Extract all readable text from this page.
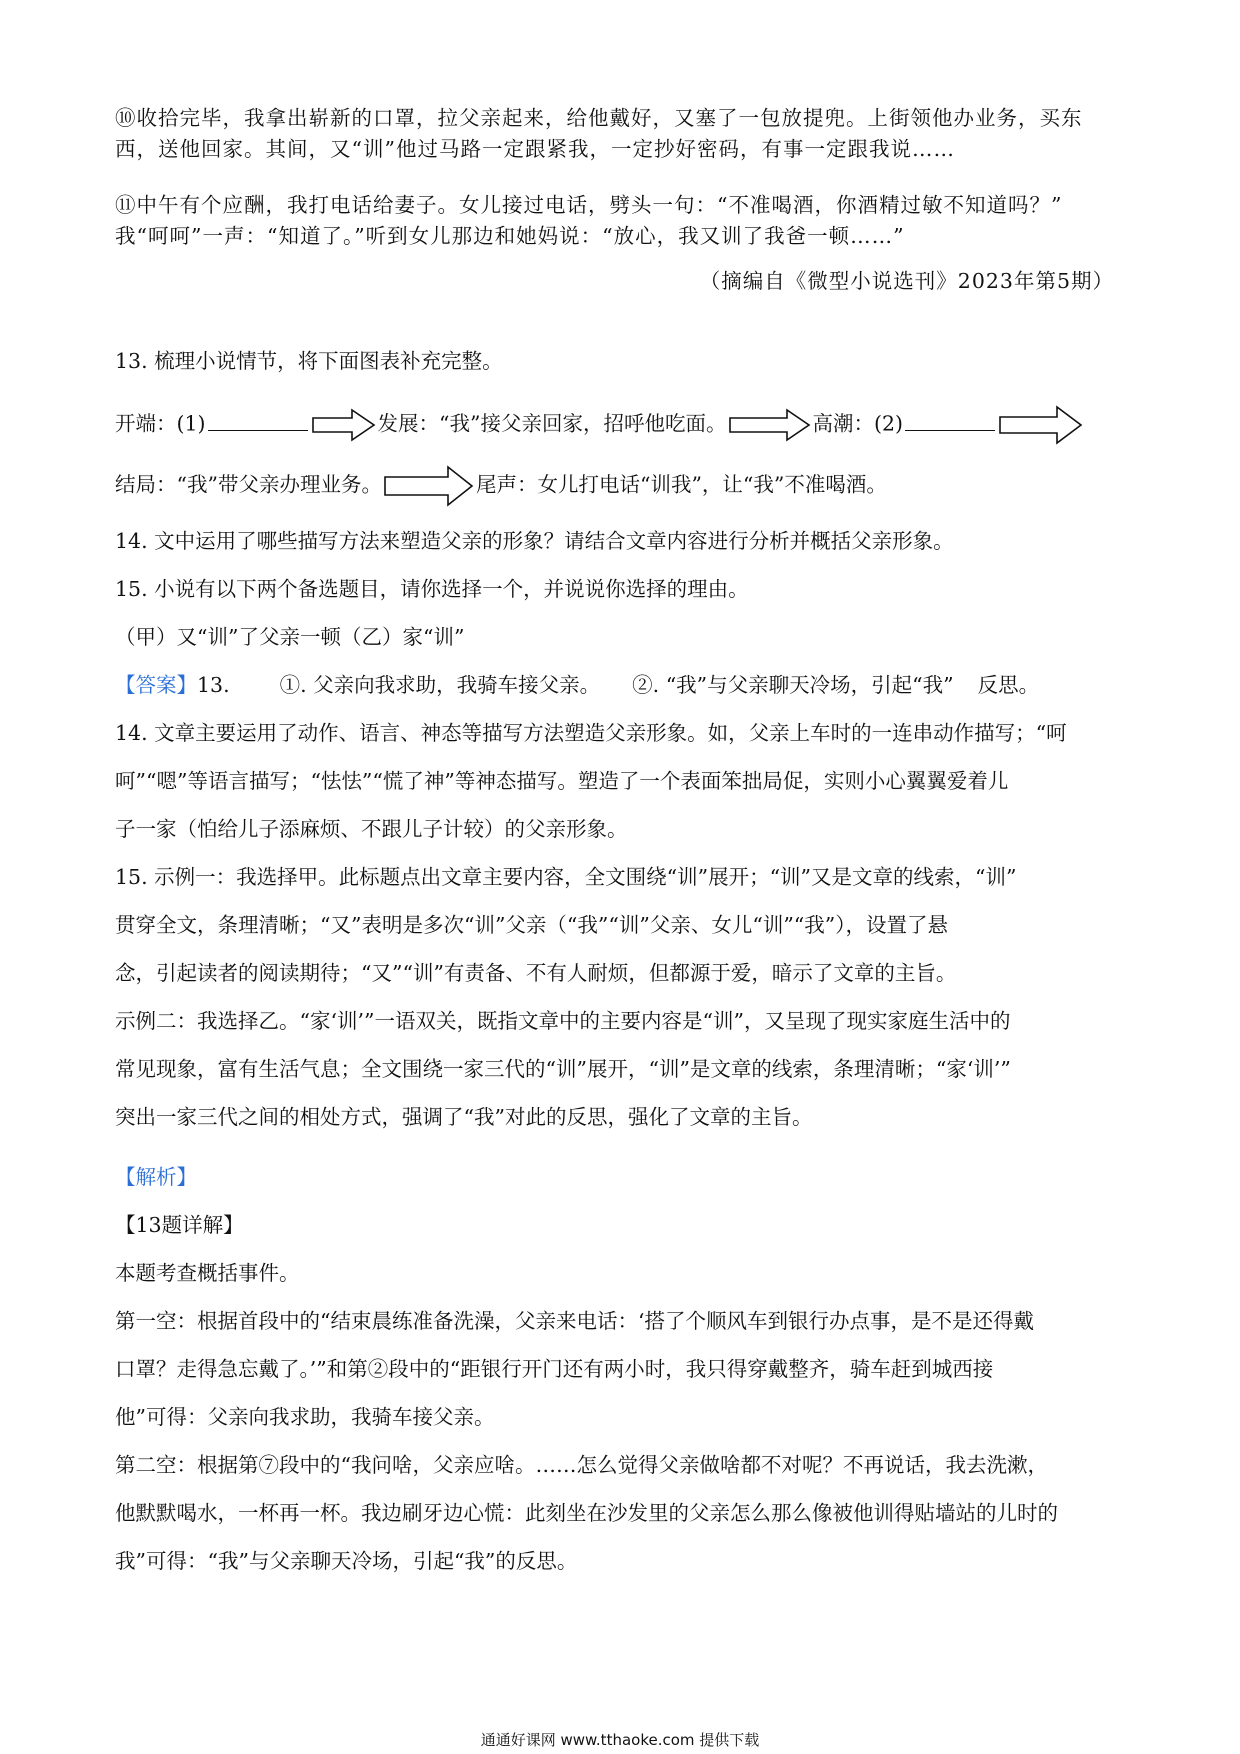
⑩收拾完毕，我拿出崭新的口罩，拉父亲起来，给他戴好，又塞了一包放提兜。上街领他办业务，买东
西，送他回家。其间，又“训”他过马路一定跟紧我，一定抄好密码，有事一定跟我说……
⑪中午有个应酬，我打电话给妻子。女儿接过电话，劈头一句：“不准喝酒，你酒精过敏不知道吗？”
我“呵呵”一声：“知道了。”听到女儿那边和她妈说：“放心，我又训了我爸一顿……”
（摘编自《微型小说选刊》2023年第5期）
13. 梳理小说情节，将下面图表补充完整。
开端：(1)	发展：“我”接父亲回家，招呼他吃面。	高潮：(2)
结局：“我”带父亲办理业务。	尾声：女儿打电话“训我”，让“我”不准喝酒。
14. 文中运用了哪些描写方法来塑造父亲的形象？请结合文章内容进行分析并概括父亲形象。
15. 小说有以下两个备选题目，请你选择一个，并说说你选择的理由。
（甲）又“训”了父亲一顿（乙）家“训”
【答案】13. ①. 父亲向我求助，我骑车接父亲。 ②. “我”与父亲聊天冷场，引起“我” 反思。
14. 文章主要运用了动作、语言、神态等描写方法塑造父亲形象。如，父亲上车时的一连串动作描写；“呵
呵”“嗯”等语言描写；“怯怯”“慌了神”等神态描写。塑造了一个表面笨拙局促，实则小心翼翼爱着儿
子一家（怕给儿子添麻烦、不跟儿子计较）的父亲形象。
15. 示例一：我选择甲。此标题点出文章主要内容，全文围绕“训”展开；“训”又是文章的线索，“训”
贯穿全文，条理清晰；“又”表明是多次“训”父亲（“我”“训”父亲、女儿“训”“我”），设置了悬
念，引起读者的阅读期待；“又”“训”有责备、不有人耐烦，但都源于爱，暗示了文章的主旨。
示例二：我选择乙。“家‘训’”一语双关，既指文章中的主要内容是“训”，又呈现了现实家庭生活中的
常见现象，富有生活气息；全文围绕一家三代的“训”展开，“训”是文章的线索，条理清晰；“家‘训’”
突出一家三代之间的相处方式，强调了“我”对此的反思，强化了文章的主旨。
【解析】
【13题详解】
本题考查概括事件。
第一空：根据首段中的“结束晨练准备洗澡，父亲来电话：‘搭了个顺风车到银行办点事，是不是还得戴
口罩？走得急忘戴了。’”和第②段中的“距银行开门还有两小时，我只得穿戴整齐，骑车赶到城西接
他”可得：父亲向我求助，我骑车接父亲。
第二空：根据第⑦段中的“我问啥，父亲应啥。……怎么觉得父亲做啥都不对呢？不再说话，我去洗漱，
他默默喝水，一杯再一杯。我边刷牙边心慌：此刻坐在沙发里的父亲怎么那么像被他训得贴墙站的儿时的
我”可得：“我”与父亲聊天冷场，引起“我”的反思。
通通好课网 www.tthaoke.com 提供下载
